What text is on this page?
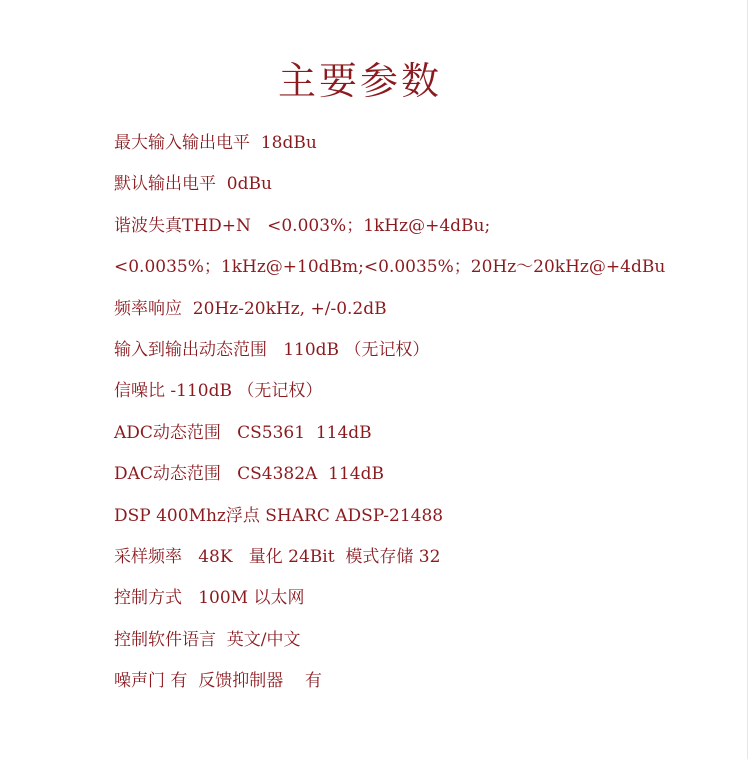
主要参数
最大输入输出电平  18dBu
默认输出电平  0dBu
谐波失真THD+N   <0.003%；1kHz@+4dBu;
<0.0035%；1kHz@+10dBm;<0.0035%；20Hz～20kHz@+4dBu
频率响应  20Hz-20kHz, +/-0.2dB
输入到输出动态范围   110dB （无记权）
信噪比 -110dB （无记权）
ADC动态范围   CS5361  114dB
DAC动态范围   CS4382A  114dB
DSP 400Mhz浮点 SHARC ADSP-21488
采样频率   48K   量化 24Bit  模式存储 32
控制方式   100M 以太网
控制软件语言  英文/中文
噪声门 有  反馈抑制器    有
